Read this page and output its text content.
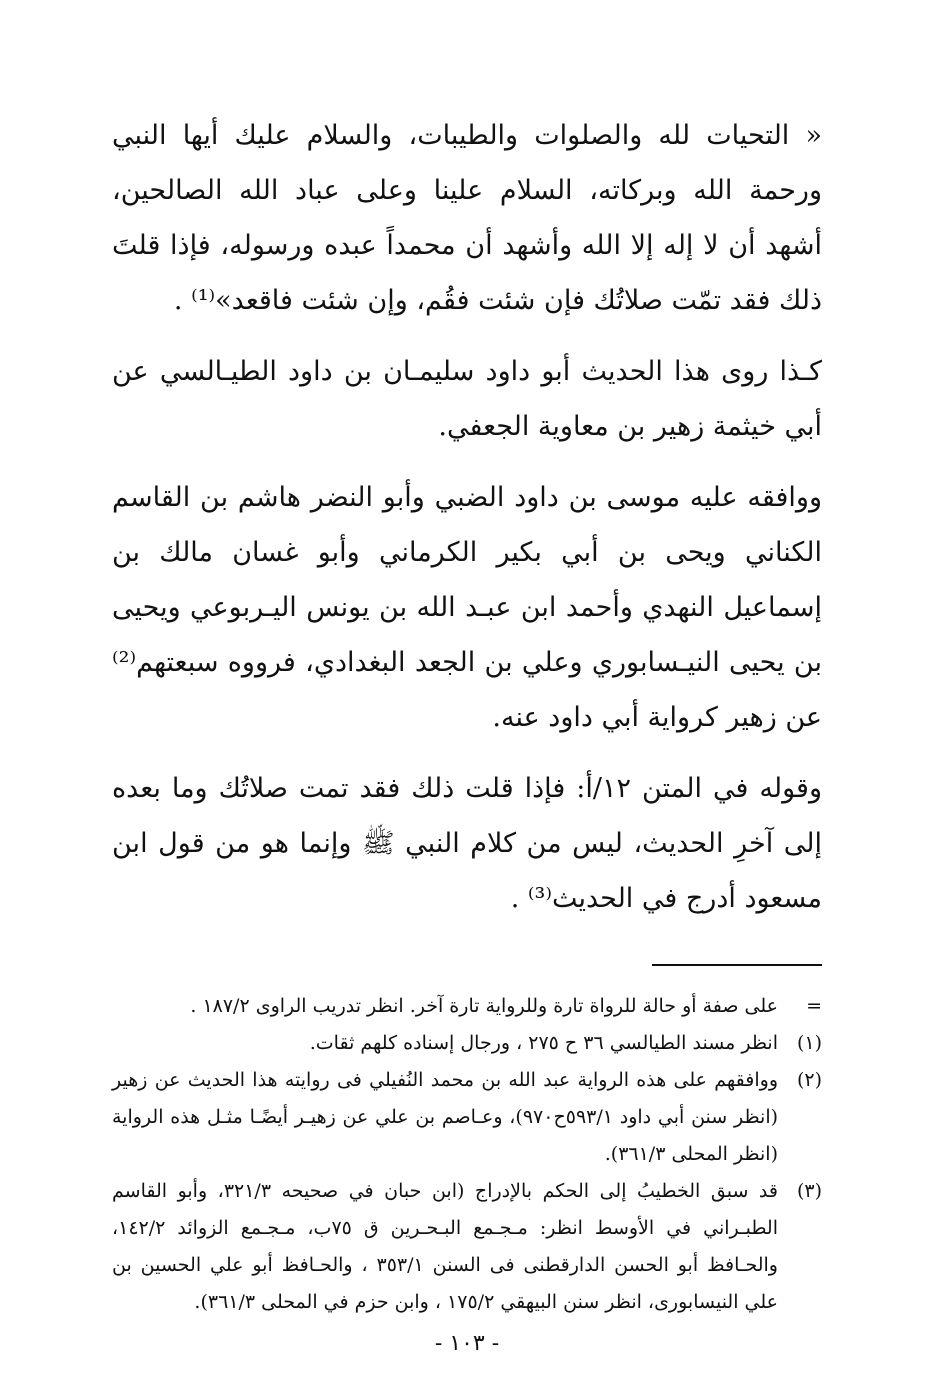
« التحيات لله والصلوات والطيبات، والسلام عليك أيها النبي ورحمة الله وبركاته، السلام علينا وعلى عباد الله الصالحين، أشهد أن لا إله إلا الله وأشهد أن محمداً عبده ورسوله، فإذا قلتَ ذلك فقد تمّت صلاتُك فإن شئت فقُم، وإن شئت فاقعد»⁽¹⁾ .

كـذا روى هذا الحديث أبو داود سليمـان بن داود الطيـالسي عن أبي خيثمة زهير بن معاوية الجعفي.

ووافقه عليه موسى بن داود الضبي وأبو النضر هاشم بن القاسم الكناني ويحى بن أبي بكير الكرماني وأبو غسان مالك بن إسماعيل النهدي وأحمد ابن عبـد الله بن يونس اليـربوعي ويحيى بن يحيى النيـسابوري وعلي بن الجعد البغدادي، فرووه سبعتهم⁽²⁾ عن زهير كرواية أبي داود عنه.

وقوله في المتن ١٢/أ: فإذا قلت ذلك فقد تمت صلاتُك وما بعده إلى آخرِ الحديث، ليس من كلام النبي ﷺ وإنما هو من قول ابن مسعود أدرج في الحديث⁽³⁾ .

=
على صفة أو حالة للرواة تارة وللرواية تارة آخر. انظر تدريب الراوى ١٨٧/٢ .
(١)
انظر مسند الطيالسي ٣٦ ح ٢٧٥ ، ورجال إسناده كلهم ثقات.
(٢)
ووافقهم على هذه الرواية عبد الله بن محمد النُفيلي فى روايته هذا الحديث عن زهير (انظر سنن أبي داود ٥٩٣/١ح٩٧٠)، وعـاصم بن علي عن زهيـر أيضًـا مثـل هذه الرواية (انظر المحلى ٣٦١/٣).
(٣)
قد سبق الخطيبُ إلى الحكم بالإدراج (ابن حبان في صحيحه ٣٢١/٣، وأبو القاسم الطبـراني في الأوسط انظر: مـجـمع البـحـرين ق ٧٥ب، مـجـمع الزوائد ١٤٢/٢، والحـافظ أبو الحسن الدارقطنى فى السنن ٣٥٣/١ ، والحـافظ أبو علي الحسين بن علي النيسابورى، انظر سنن البيهقي ١٧٥/٢ ، وابن حزم في المحلى ٣٦١/٣).
- ١٠٣ -
